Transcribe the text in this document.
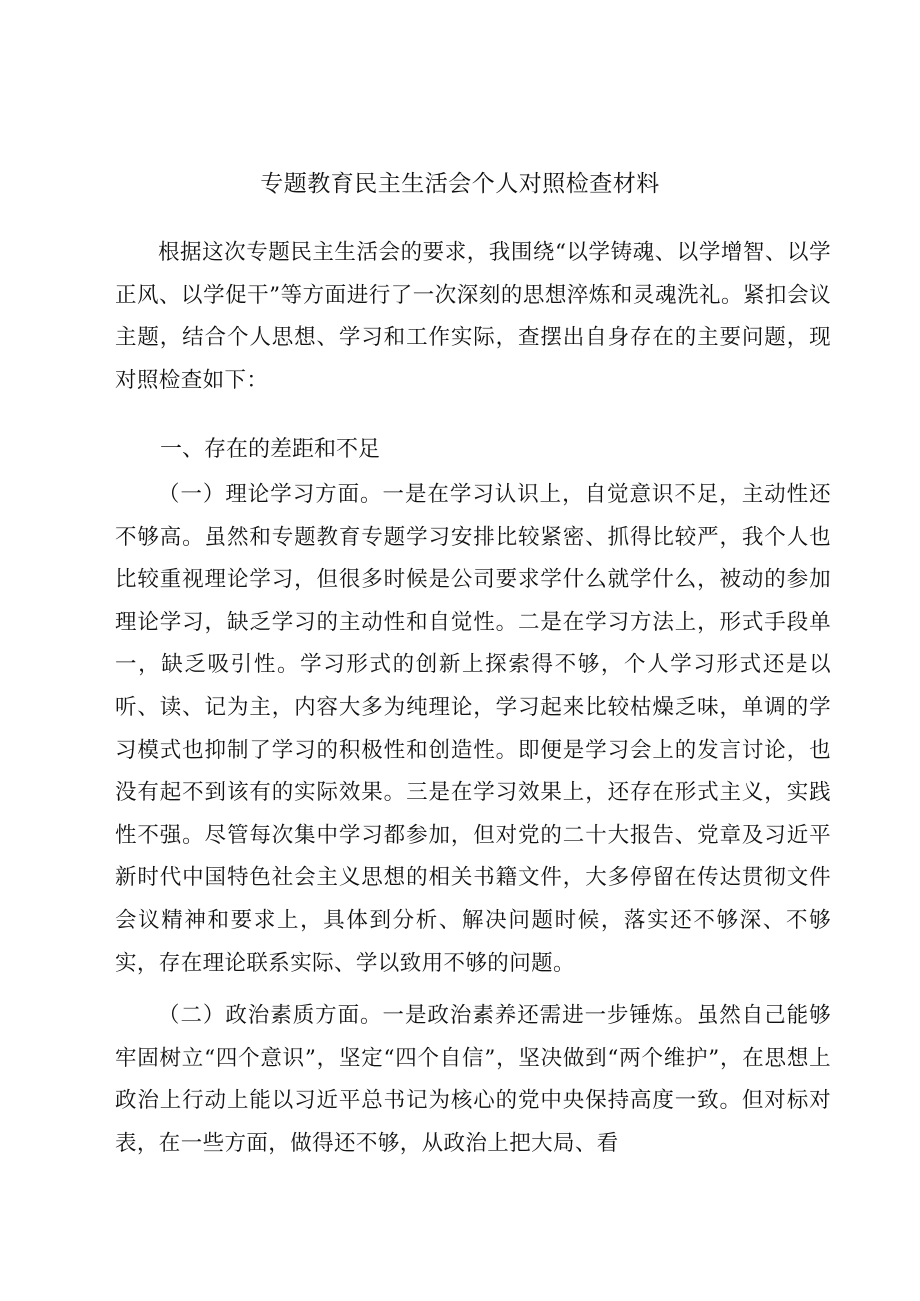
专题教育民主生活会个人对照检查材料

根据这次专题民主生活会的要求，我围绕“以学铸魂、以学增智、以学正风、以学促干”等方面进行了一次深刻的思想淬炼和灵魂洗礼。紧扣会议主题，结合个人思想、学习和工作实际，查摆出自身存在的主要问题，现对照检查如下：

一、存在的差距和不足

（一）理论学习方面。一是在学习认识上，自觉意识不足，主动性还不够高。虽然和专题教育专题学习安排比较紧密、抓得比较严，我个人也比较重视理论学习，但很多时候是公司要求学什么就学什么，被动的参加理论学习，缺乏学习的主动性和自觉性。二是在学习方法上，形式手段单一，缺乏吸引性。学习形式的创新上探索得不够，个人学习形式还是以听、读、记为主，内容大多为纯理论，学习起来比较枯燥乏味，单调的学习模式也抑制了学习的积极性和创造性。即便是学习会上的发言讨论，也没有起不到该有的实际效果。三是在学习效果上，还存在形式主义，实践性不强。尽管每次集中学习都参加，但对党的二十大报告、党章及习近平新时代中国特色社会主义思想的相关书籍文件，大多停留在传达贯彻文件会议精神和要求上，具体到分析、解决问题时候，落实还不够深、不够实，存在理论联系实际、学以致用不够的问题。

（二）政治素质方面。一是政治素养还需进一步锤炼。虽然自己能够牢固树立“四个意识”，坚定“四个自信”，坚决做到“两个维护”，在思想上政治上行动上能以习近平总书记为核心的党中央保持高度一致。但对标对表，在一些方面，做得还不够，从政治上把大局、看
